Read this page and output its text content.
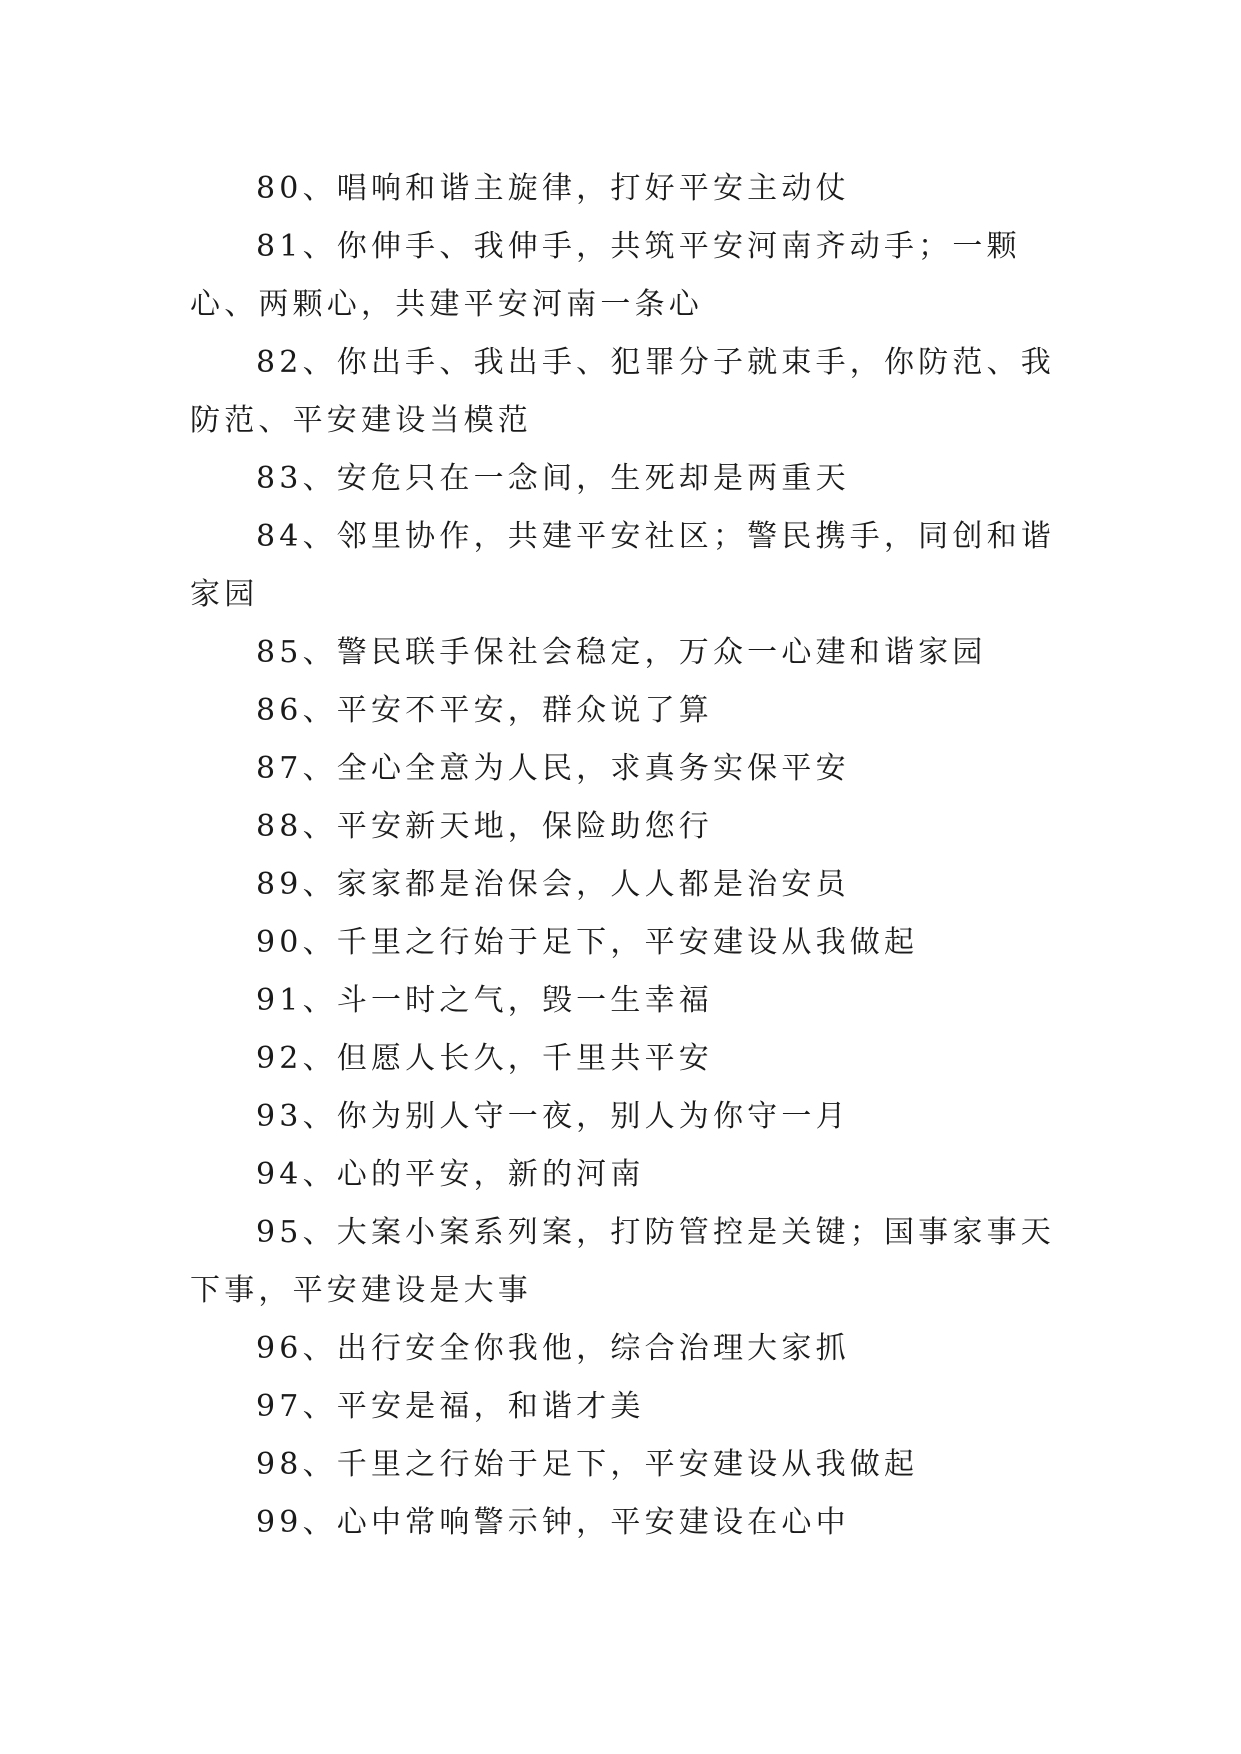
80、唱响和谐主旋律，打好平安主动仗

81、你伸手、我伸手，共筑平安河南齐动手；一颗心、两颗心，共建平安河南一条心

82、你出手、我出手、犯罪分子就束手，你防范、我防范、平安建设当模范

83、安危只在一念间，生死却是两重天

84、邻里协作，共建平安社区；警民携手，同创和谐家园

85、警民联手保社会稳定，万众一心建和谐家园

86、平安不平安，群众说了算

87、全心全意为人民，求真务实保平安

88、平安新天地，保险助您行

89、家家都是治保会，人人都是治安员

90、千里之行始于足下，平安建设从我做起

91、斗一时之气，毁一生幸福

92、但愿人长久，千里共平安

93、你为别人守一夜，别人为你守一月

94、心的平安，新的河南

95、大案小案系列案，打防管控是关键；国事家事天下事，平安建设是大事

96、出行安全你我他，综合治理大家抓

97、平安是福，和谐才美

98、千里之行始于足下，平安建设从我做起

99、心中常响警示钟，平安建设在心中
